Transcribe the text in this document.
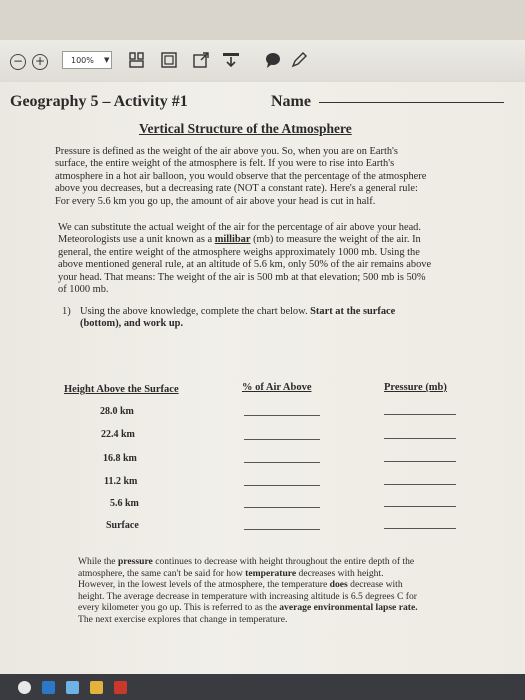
− +	100%	▼
Geography 5 – Activity #1	Name
Vertical Structure of the Atmosphere
Pressure is defined as the weight of the air above you. So, when you are on Earth's
surface, the entire weight of the atmosphere is felt. If you were to rise into Earth's
atmosphere in a hot air balloon, you would observe that the percentage of the atmosphere
above you decreases, but a decreasing rate (NOT a constant rate). Here's a general rule:
For every 5.6 km you go up, the amount of air above your head is cut in half.
We can substitute the actual weight of the air for the percentage of air above your head.
Meteorologists use a unit known as a millibar (mb) to measure the weight of the air. In
general, the entire weight of the atmosphere weighs approximately 1000 mb. Using the
above mentioned general rule, at an altitude of 5.6 km, only 50% of the air remains above
your head. That means: The weight of the air is 500 mb at that elevation; 500 mb is 50%
of 1000 mb.
1) Using the above knowledge, complete the chart below. Start at the surface
(bottom), and work up.
Height Above the Surface	% of Air Above	Pressure (mb)
28.0 km
22.4 km
16.8 km
11.2 km
5.6 km
Surface
While the pressure continues to decrease with height throughout the entire depth of the
atmosphere, the same can't be said for how temperature decreases with height.
However, in the lowest levels of the atmosphere, the temperature does decrease with
height. The average decrease in temperature with increasing altitude is 6.5 degrees C for
every kilometer you go up. This is referred to as the average environmental lapse rate.
The next exercise explores that change in temperature.
